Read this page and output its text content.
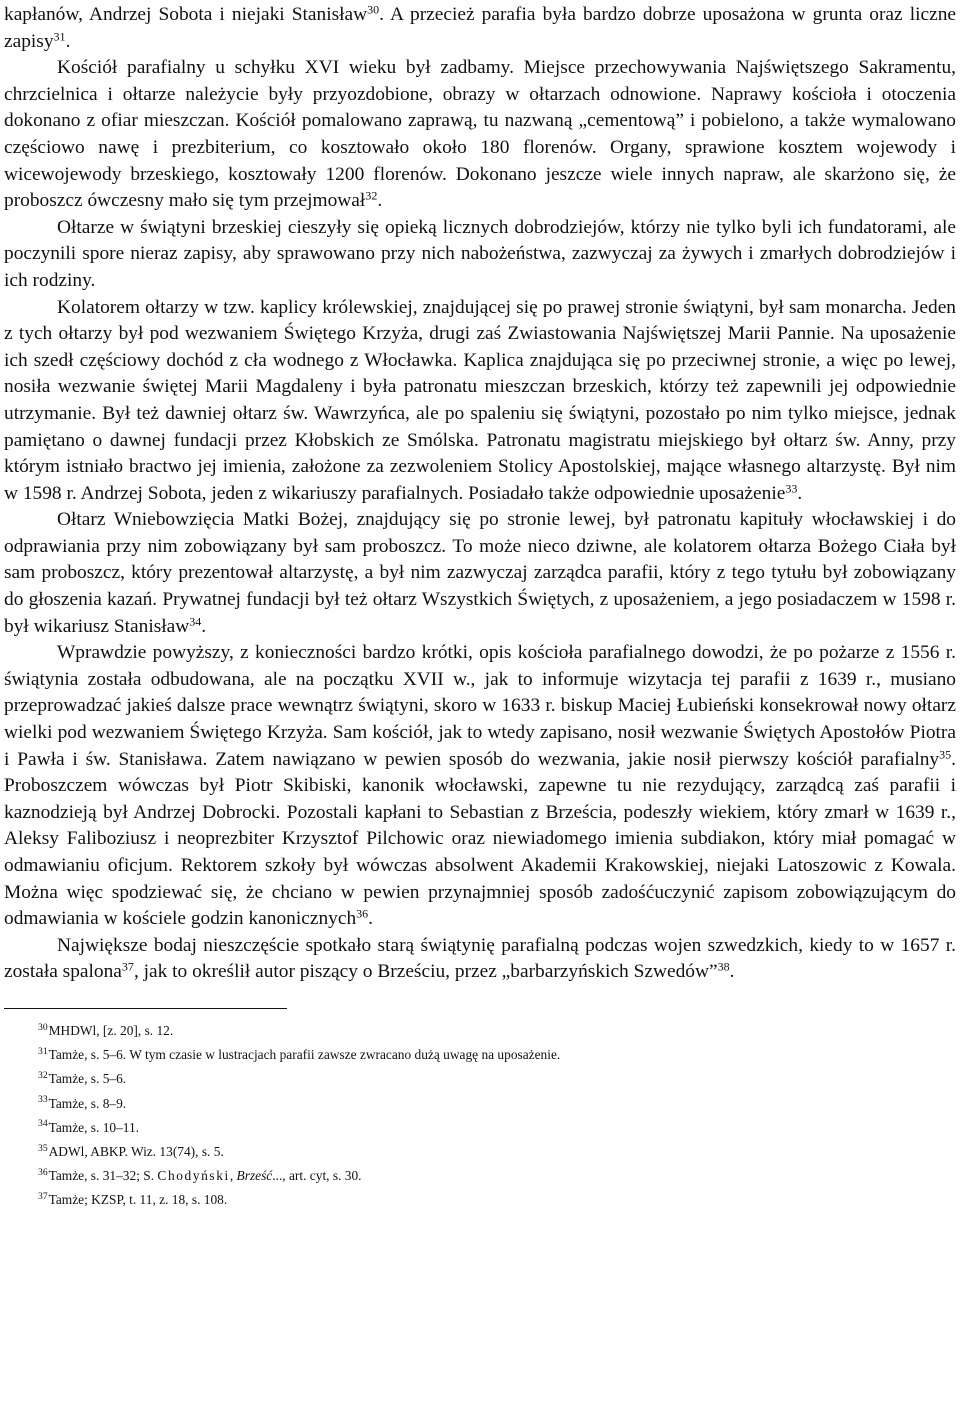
kapłanów, Andrzej Sobota i niejaki Stanisław$^{30}$. A przecież parafia była bardzo dobrze uposażona w grunta oraz liczne zapisy$^{31}$.

Kościół parafialny u schyłku XVI wieku był zadbamy. Miejsce przechowywania Najświętszego Sakramentu, chrzcielnica i ołtarze należycie były przyozdobione, obrazy w ołtarzach odnowione. Naprawy kościoła i otoczenia dokonano z ofiar mieszczan. Kościół pomalowano zaprawą, tu nazwaną „cementową” i pobielono, a także wymalowano częściowo nawę i prezbiterium, co kosztowało około 180 florenów. Organy, sprawione kosztem wojewody i wicewojewody brzeskiego, kosztowały 1200 florenów. Dokonano jeszcze wiele innych napraw, ale skarżono się, że proboszcz ówczesny mało się tym przejmował$^{32}$.

Ołtarze w świątyni brzeskiej cieszyły się opieką licznych dobrodziejów, którzy nie tylko byli ich fundatorami, ale poczynili spore nieraz zapisy, aby sprawowano przy nich nabożeństwa, zazwyczaj za żywych i zmarłych dobrodziejów i ich rodziny.

Kolatorem ołtarzy w tzw. kaplicy królewskiej, znajdującej się po prawej stronie świątyni, był sam monarcha. Jeden z tych ołtarzy był pod wezwaniem Świętego Krzyża, drugi zaś Zwiastowania Najświętszej Marii Pannie. Na uposażenie ich szedł częściowy dochód z cła wodnego z Włocławka. Kaplica znajdująca się po przeciwnej stronie, a więc po lewej, nosiła wezwanie świętej Marii Magdaleny i była patronatu mieszczan brzeskich, którzy też zapewnili jej odpowiednie utrzymanie. Był też dawniej ołtarz św. Wawrzyńca, ale po spaleniu się świątyni, pozostało po nim tylko miejsce, jednak pamiętano o dawnej fundacji przez Kłobskich ze Smólska. Patronatu magistratu miejskiego był ołtarz św. Anny, przy którym istniało bractwo jej imienia, założone za zezwoleniem Stolicy Apostolskiej, mające własnego altarzystę. Był nim w 1598 r. Andrzej Sobota, jeden z wikariuszy parafialnych. Posiadało także odpowiednie uposażenie$^{33}$.

Ołtarz Wniebowzięcia Matki Bożej, znajdujący się po stronie lewej, był patronatu kapituły włocławskiej i do odprawiania przy nim zobowiązany był sam proboszcz. To może nieco dziwne, ale kolatorem ołtarza Bożego Ciała był sam proboszcz, który prezentował altarzystę, a był nim zazwyczaj zarządca parafii, który z tego tytułu był zobowiązany do głoszenia kazań. Prywatnej fundacji był też ołtarz Wszystkich Świętych, z uposażeniem, a jego posiadaczem w 1598 r. był wikariusz Stanisław$^{34}$.

Wprawdzie powyższy, z konieczności bardzo krótki, opis kościoła parafialnego dowodzi, że po pożarze z 1556 r. świątynia została odbudowana, ale na początku XVII w., jak to informuje wizytacja tej parafii z 1639 r., musiano przeprowadzać jakieś dalsze prace wewnątrz świątyni, skoro w 1633 r. biskup Maciej Łubieński konsekrował nowy ołtarz wielki pod wezwaniem Świętego Krzyża. Sam kościół, jak to wtedy zapisano, nosił wezwanie Świętych Apostołów Piotra i Pawła i św. Stanisława. Zatem nawiązano w pewien sposób do wezwania, jakie nosił pierwszy kościół parafialny$^{35}$. Proboszczem wówczas był Piotr Skibiski, kanonik włocławski, zapewne tu nie rezydujący, zarządcą zaś parafii i kaznodzieją był Andrzej Dobrocki. Pozostali kapłani to Sebastian z Brześcia, podeszły wiekiem, który zmarł w 1639 r., Aleksy Faliboziusz i neoprezbiter Krzysztof Pilchowic oraz niewiadomego imienia subdiakon, który miał pomagać w odmawianiu oficjum. Rektorem szkoły był wówczas absolwent Akademii Krakowskiej, niejaki Latoszowic z Kowala. Można więc spodziewać się, że chciano w pewien przynajmniej sposób zadośćuczynić zapisom zobowiązującym do odmawiania w kościele godzin kanonicznych$^{36}$.

Największe bodaj nieszczęście spotkało starą świątynię parafialną podczas wojen szwedzkich, kiedy to w 1657 r. została spalona$^{37}$, jak to określił autor piszący o Brześciu, przez „barbarzyńskich Szwedów”$^{38}$.

$^{30}$MHDWl, [z. 20], s. 12.
$^{31}$Tamże, s. 5–6. W tym czasie w lustracjach parafii zawsze zwracano dużą uwagę na uposażenie.
$^{32}$Tamże, s. 5–6.
$^{33}$Tamże, s. 8–9.
$^{34}$Tamże, s. 10–11.
$^{35}$ADWl, ABKP. Wiz. 13(74), s. 5.
$^{36}$Tamże, s. 31–32; S. Chodyński, Brześć..., art. cyt, s. 30.
$^{37}$Tamże; KZSP, t. 11, z. 18, s. 108.
